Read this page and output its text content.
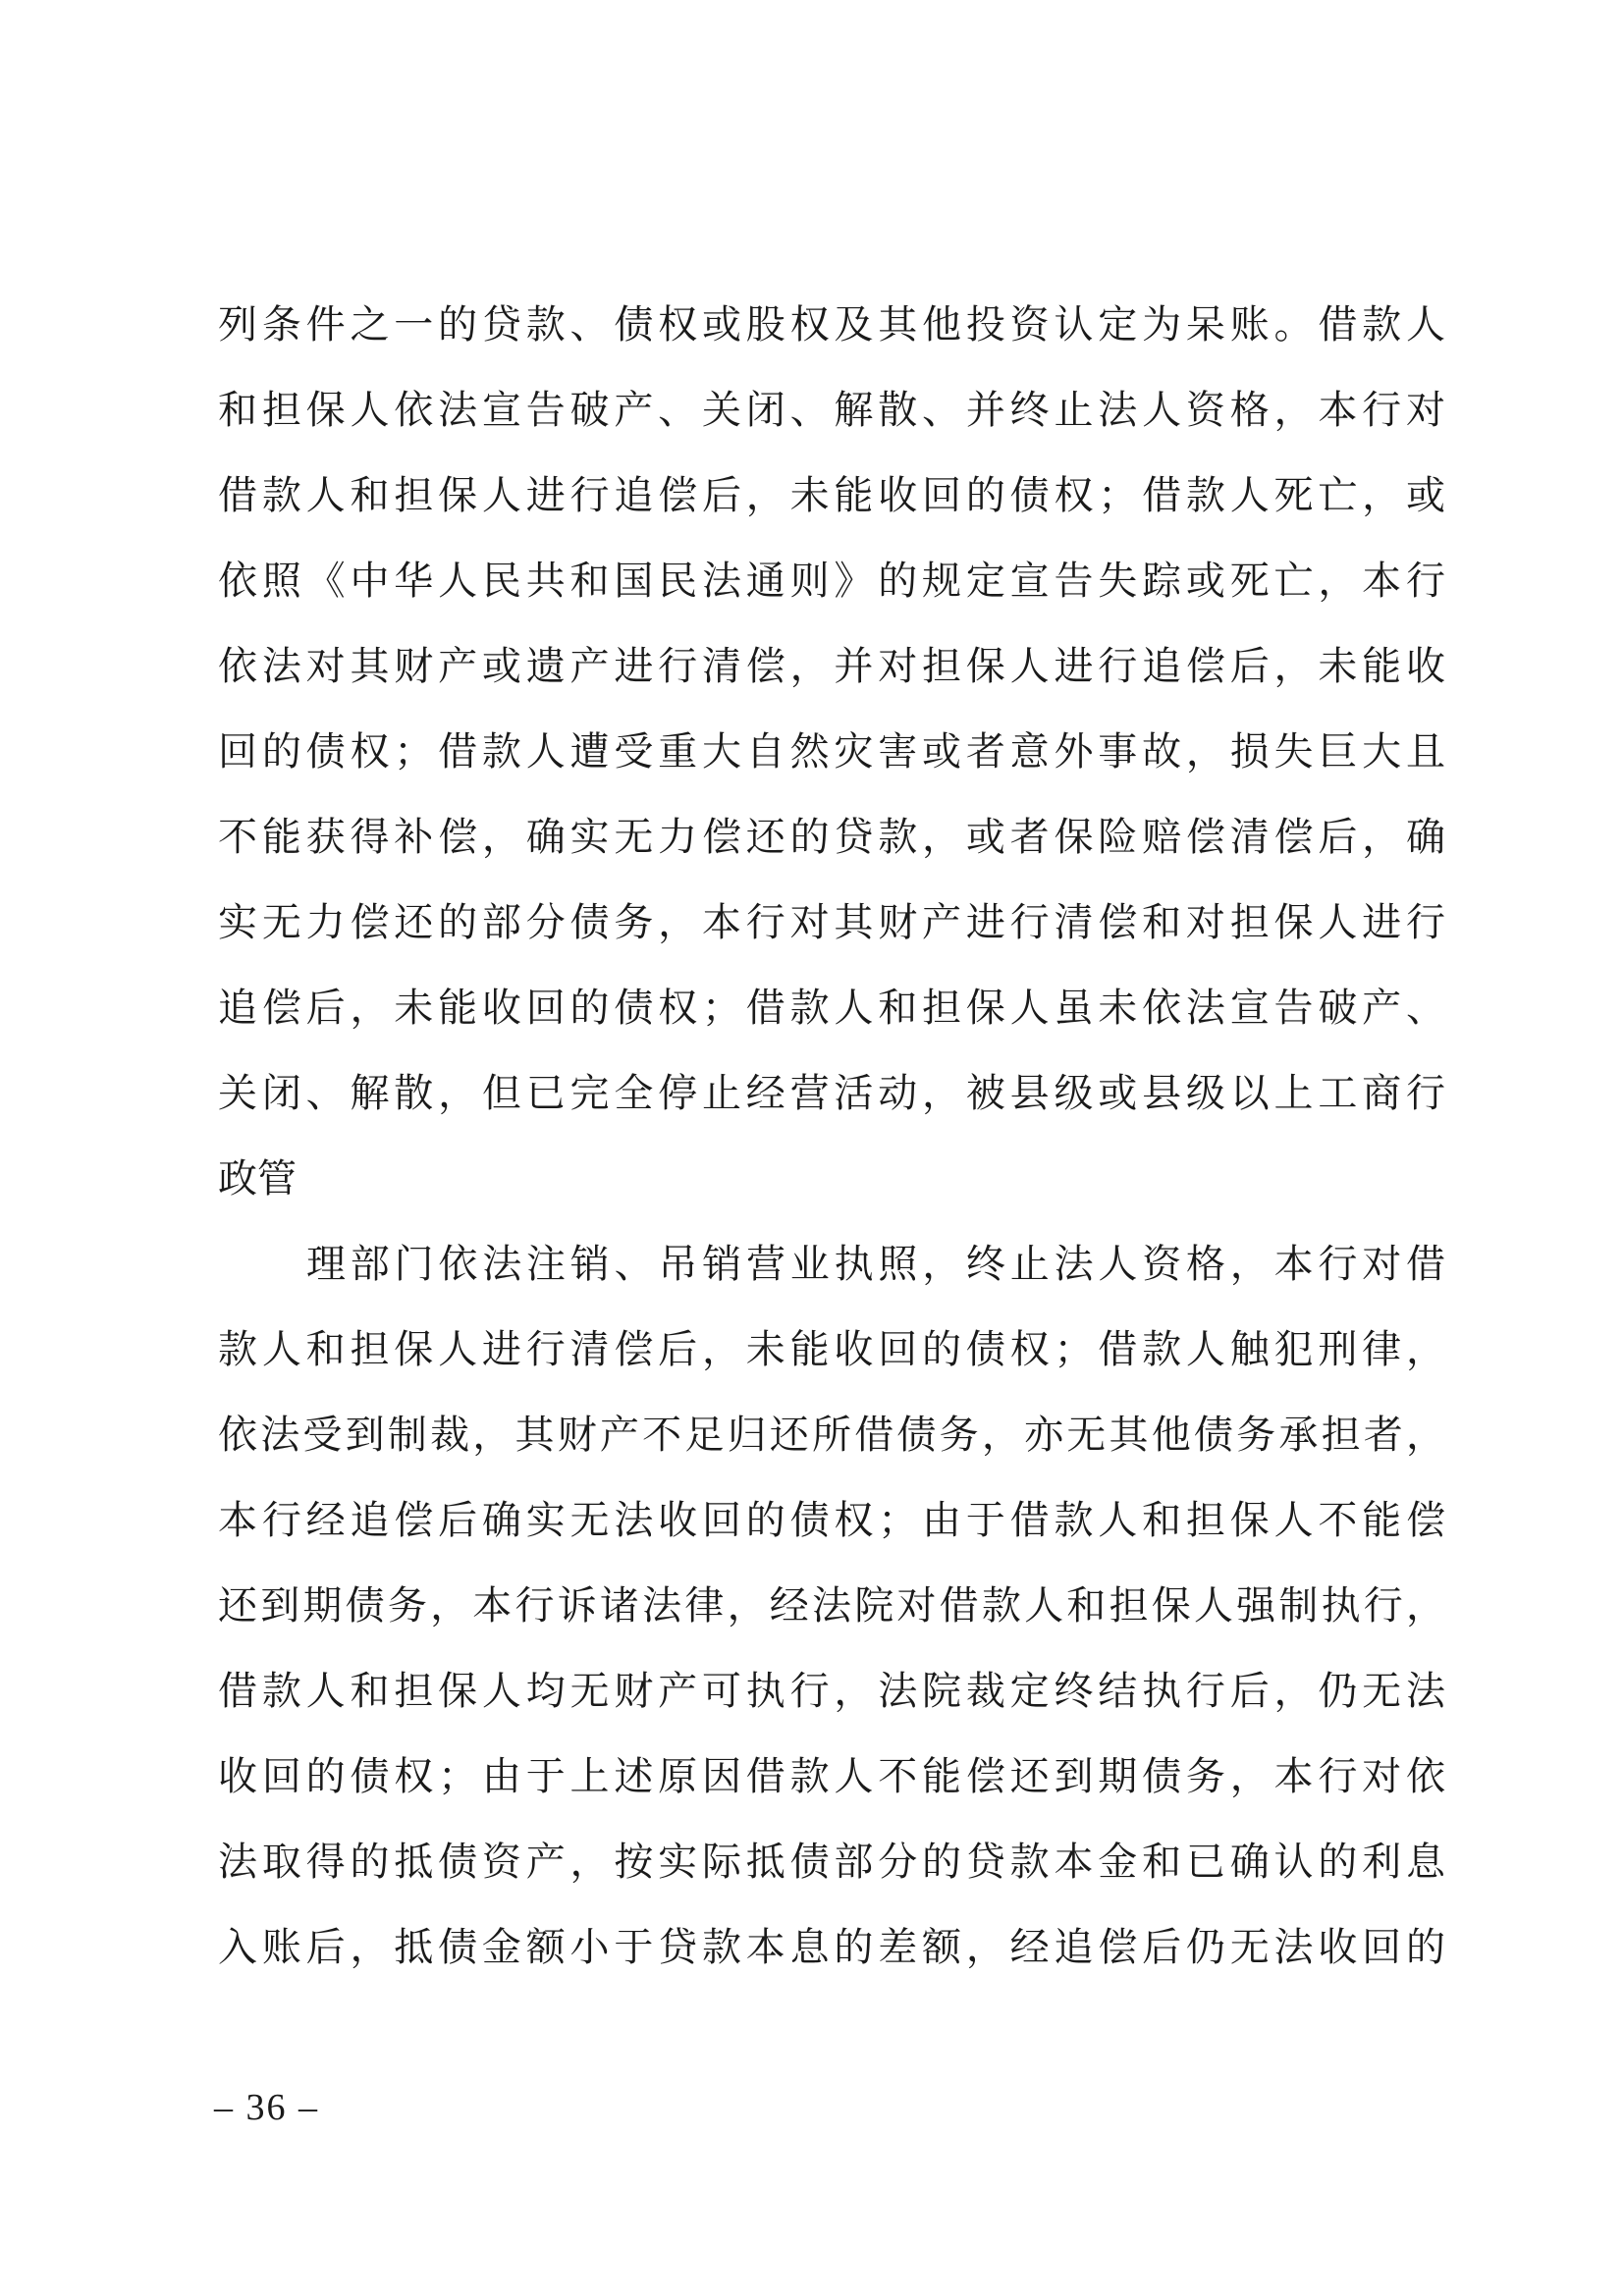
列条件之一的贷款、债权或股权及其他投资认定为呆账。借款人
和担保人依法宣告破产、关闭、解散、并终止法人资格，本行对
借款人和担保人进行追偿后，未能收回的债权；借款人死亡，或
依照《中华人民共和国民法通则》的规定宣告失踪或死亡，本行
依法对其财产或遗产进行清偿，并对担保人进行追偿后，未能收
回的债权；借款人遭受重大自然灾害或者意外事故，损失巨大且
不能获得补偿，确实无力偿还的贷款，或者保险赔偿清偿后，确
实无力偿还的部分债务，本行对其财产进行清偿和对担保人进行
追偿后，未能收回的债权；借款人和担保人虽未依法宣告破产、
关闭、解散，但已完全停止经营活动，被县级或县级以上工商行
政管
理部门依法注销、吊销营业执照，终止法人资格，本行对借
款人和担保人进行清偿后，未能收回的债权；借款人触犯刑律，
依法受到制裁，其财产不足归还所借债务，亦无其他债务承担者，
本行经追偿后确实无法收回的债权；由于借款人和担保人不能偿
还到期债务，本行诉诸法律，经法院对借款人和担保人强制执行，
借款人和担保人均无财产可执行，法院裁定终结执行后，仍无法
收回的债权；由于上述原因借款人不能偿还到期债务，本行对依
法取得的抵债资产，按实际抵债部分的贷款本金和已确认的利息
入账后，抵债金额小于贷款本息的差额，经追偿后仍无法收回的
– 36 –
